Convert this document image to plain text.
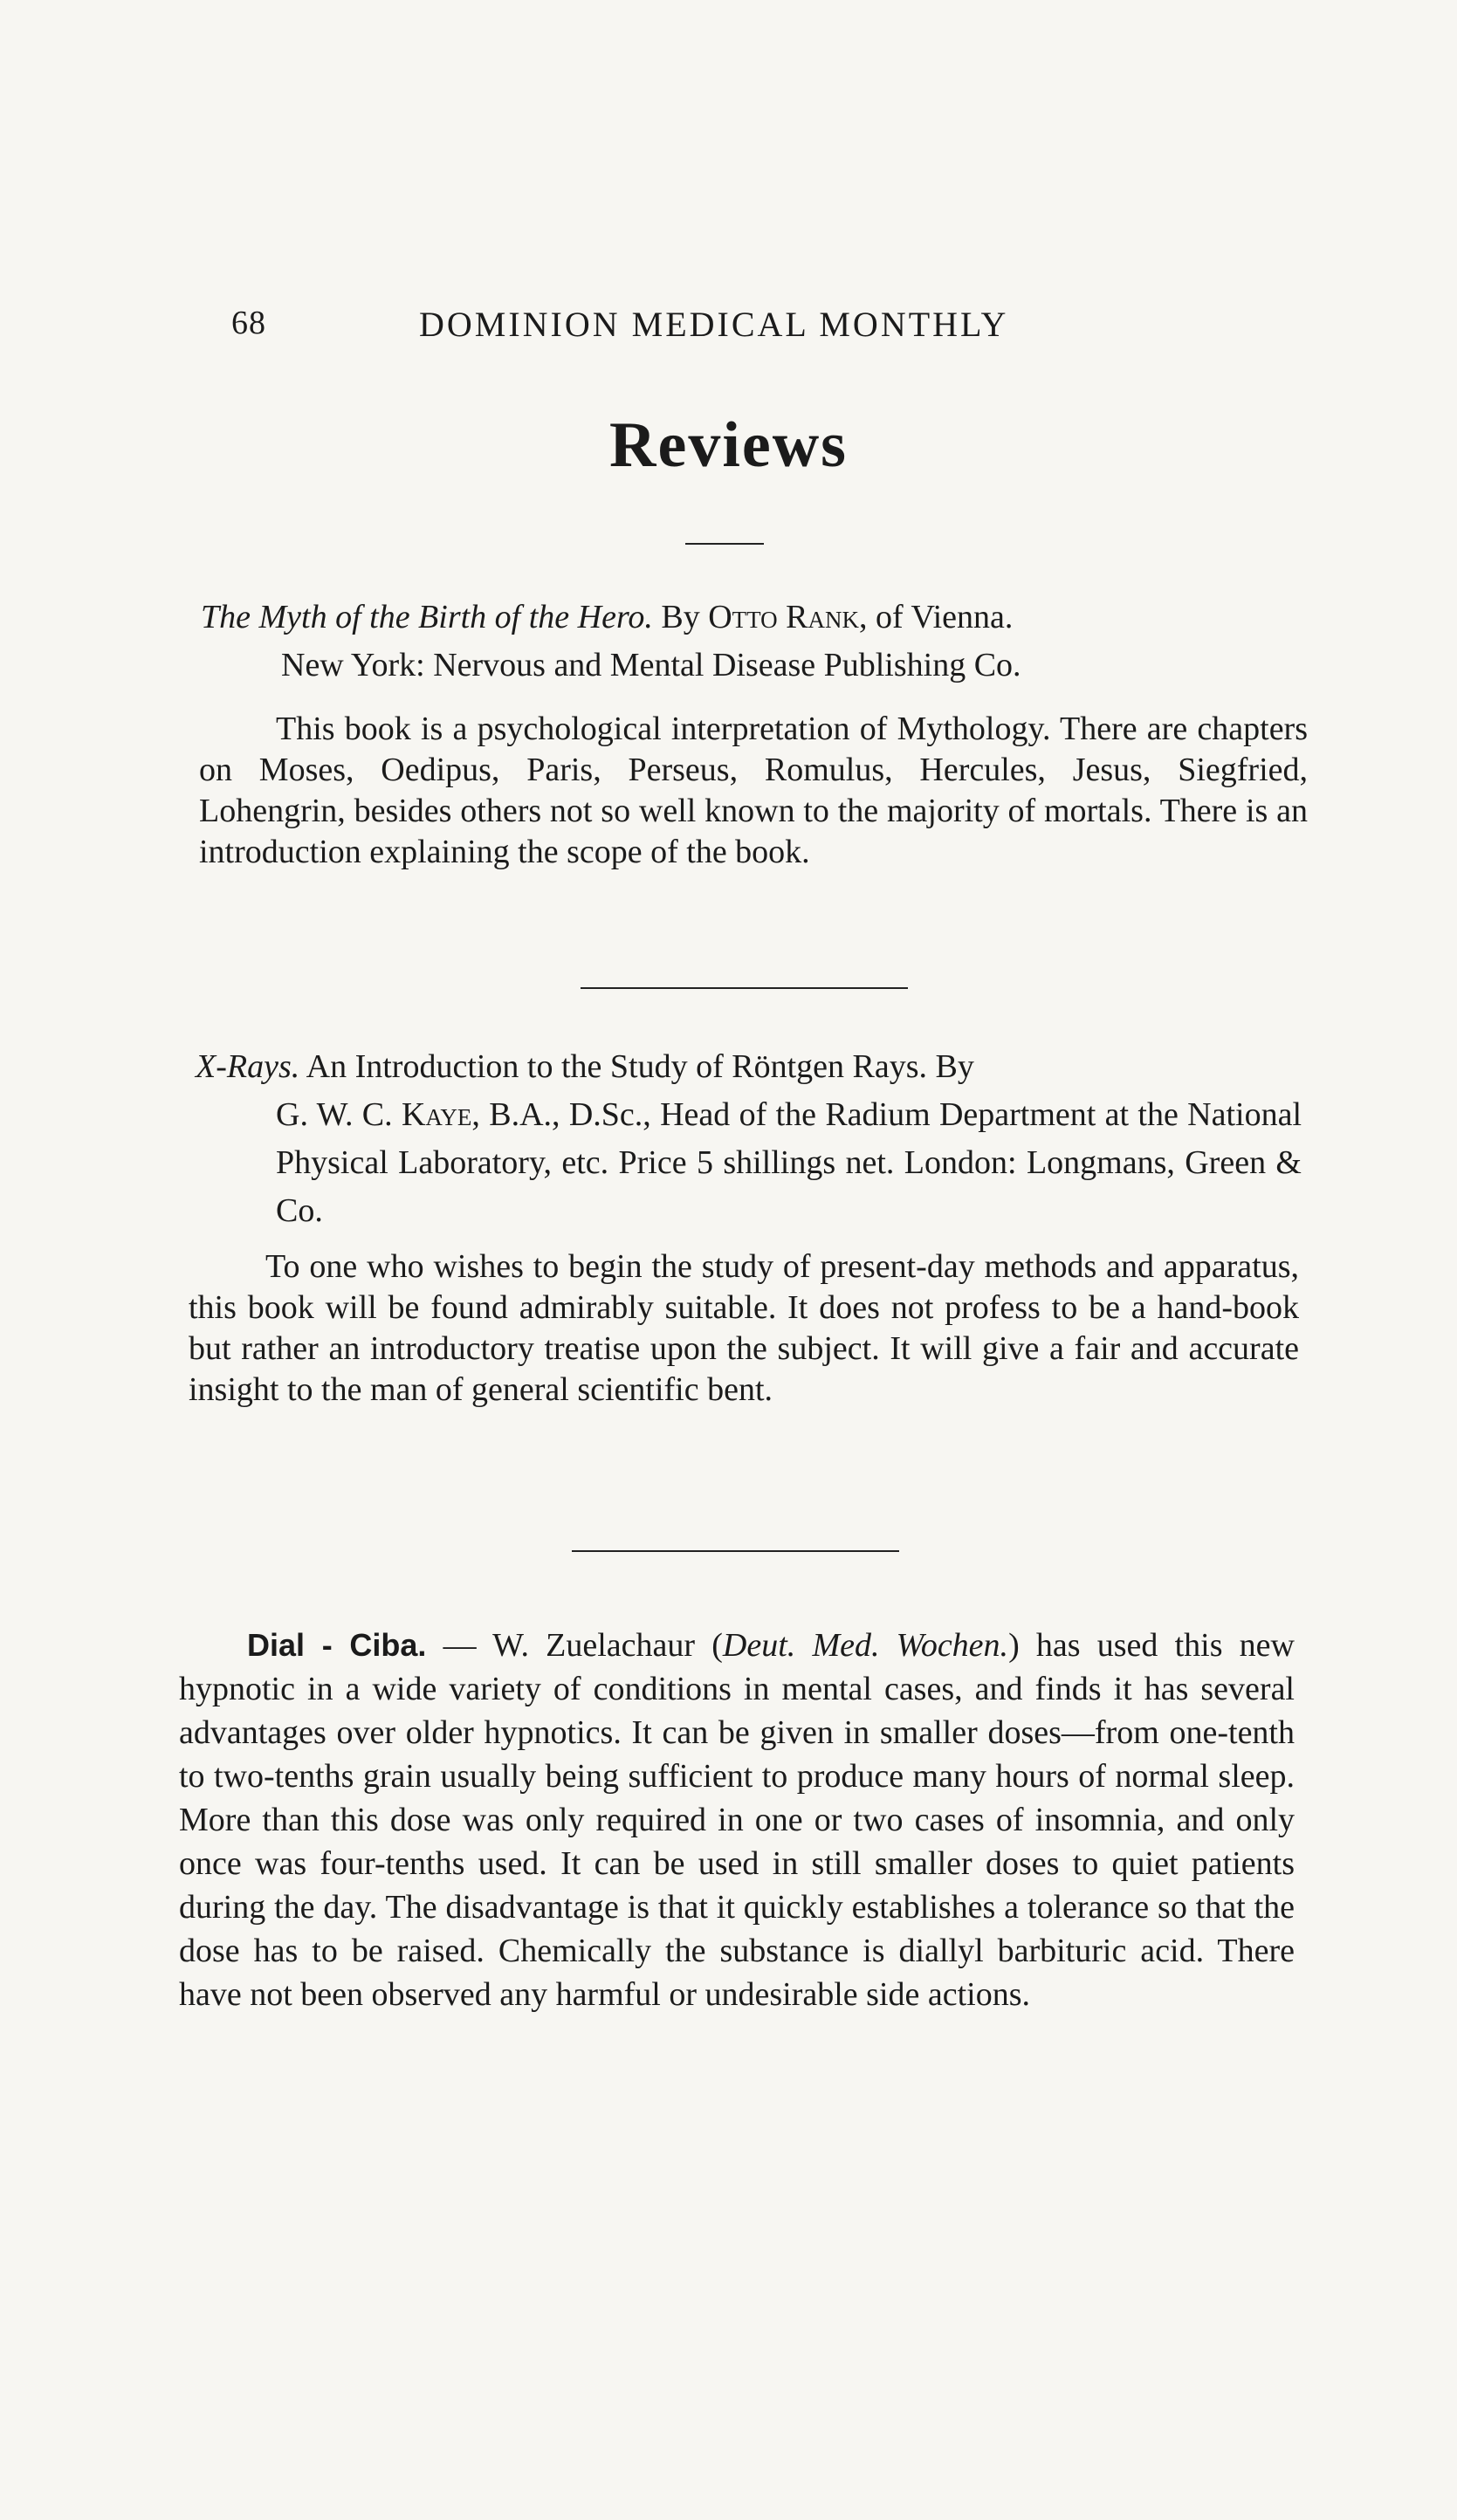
68	DOMINION MEDICAL MONTHLY
Reviews
The Myth of the Birth of the Hero. By Otto Rank, of Vienna.
New York: Nervous and Mental Disease Publishing Co.
This book is a psychological interpretation of Mythology. There are chapters on Moses, Oedipus, Paris, Perseus, Romulus, Hercules, Jesus, Siegfried, Lohengrin, besides others not so well known to the majority of mortals. There is an introduction explaining the scope of the book.
X-Rays. An Introduction to the Study of Röntgen Rays. By
G. W. C. Kaye, B.A., D.Sc., Head of the Radium Department at the National Physical Laboratory, etc. Price 5 shillings net. London: Longmans, Green & Co.
To one who wishes to begin the study of present-day methods and apparatus, this book will be found admirably suitable. It does not profess to be a hand-book but rather an introductory treatise upon the subject. It will give a fair and accurate insight to the man of general scientific bent.
Dial - Ciba. — W. Zuelachaur (Deut. Med. Wochen.) has used this new hypnotic in a wide variety of conditions in mental cases, and finds it has several advantages over older hypnotics. It can be given in smaller doses—from one-tenth to two-tenths grain usually being sufficient to produce many hours of normal sleep. More than this dose was only required in one or two cases of insomnia, and only once was four-tenths used. It can be used in still smaller doses to quiet patients during the day. The disadvantage is that it quickly establishes a tolerance so that the dose has to be raised. Chemically the substance is diallyl barbituric acid. There have not been observed any harmful or undesirable side actions.
